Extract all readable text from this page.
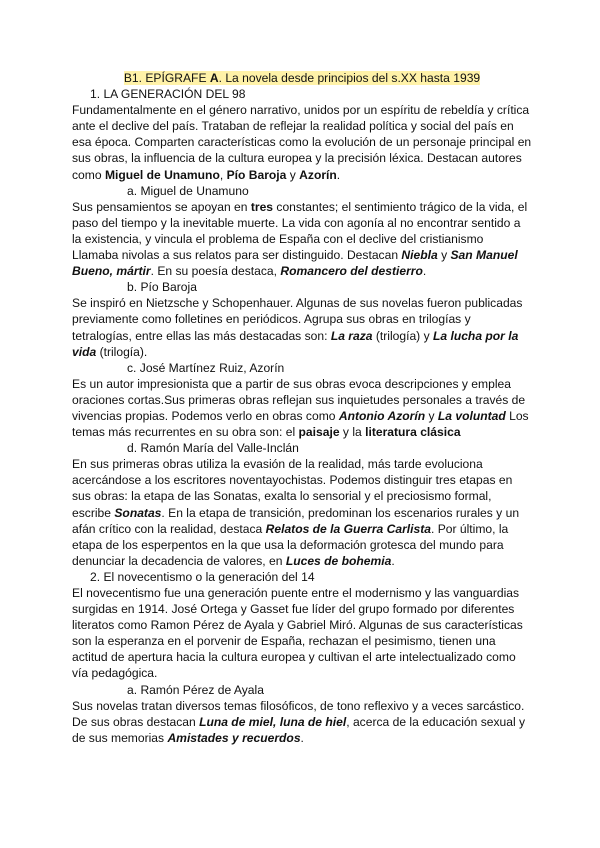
B1. EPÍGRAFE A. La novela desde principios del s.XX hasta 1939

1. LA GENERACIÓN DEL 98

Fundamentalmente en el género narrativo, unidos por un espíritu de rebeldía y crítica ante el declive del país. Trataban de reflejar la realidad política y social del país en esa época. Comparten características como la evolución de un personaje principal en sus obras, la influencia de la cultura europea y la precisión léxica. Destacan autores como Miguel de Unamuno, Pío Baroja y Azorín.

a. Miguel de Unamuno

Sus pensamientos se apoyan en tres constantes; el sentimiento trágico de la vida, el paso del tiempo y la inevitable muerte. La vida con agonía al no encontrar sentido a la existencia, y vincula el problema de España con el declive del cristianismo Llamaba nivolas a sus relatos para ser distinguido. Destacan Niebla y San Manuel Bueno, mártir. En su poesía destaca, Romancero del destierro.

b. Pío Baroja

Se inspiró en Nietzsche y Schopenhauer. Algunas de sus novelas fueron publicadas previamente como folletines en periódicos. Agrupa sus obras en trilogías y tetralogías, entre ellas las más destacadas son: La raza (trilogía) y La lucha por la vida (trilogía).

c. José Martínez Ruiz, Azorín

Es un autor impresionista que a partir de sus obras evoca descripciones y emplea oraciones cortas.Sus primeras obras reflejan sus inquietudes personales a través de vivencias propias. Podemos verlo en obras como Antonio Azorín y La voluntad Los temas más recurrentes en su obra son: el paisaje y la literatura clásica

d. Ramón María del Valle-Inclán

En sus primeras obras utiliza la evasión de la realidad, más tarde evoluciona acercándose a los escritores noventayochistas. Podemos distinguir tres etapas en sus obras: la etapa de las Sonatas, exalta lo sensorial y el preciosismo formal, escribe Sonatas. En la etapa de transición, predominan los escenarios rurales y un afán crítico con la realidad, destaca Relatos de la Guerra Carlista. Por último, la etapa de los esperpentos en la que usa la deformación grotesca del mundo para denunciar la decadencia de valores, en Luces de bohemia.

2. El novecentismo o la generación del 14

El novecentismo fue una generación puente entre el modernismo y las vanguardias surgidas en 1914. José Ortega y Gasset fue líder del grupo formado por diferentes literatos como Ramon Pérez de Ayala y Gabriel Miró. Algunas de sus características son la esperanza en el porvenir de España, rechazan el pesimismo, tienen una actitud de apertura hacia la cultura europea y cultivan el arte intelectualizado como vía pedagógica.

a. Ramón Pérez de Ayala

Sus novelas tratan diversos temas filosóficos, de tono reflexivo y a veces sarcástico. De sus obras destacan Luna de miel, luna de hiel, acerca de la educación sexual y de sus memorias Amistades y recuerdos.
